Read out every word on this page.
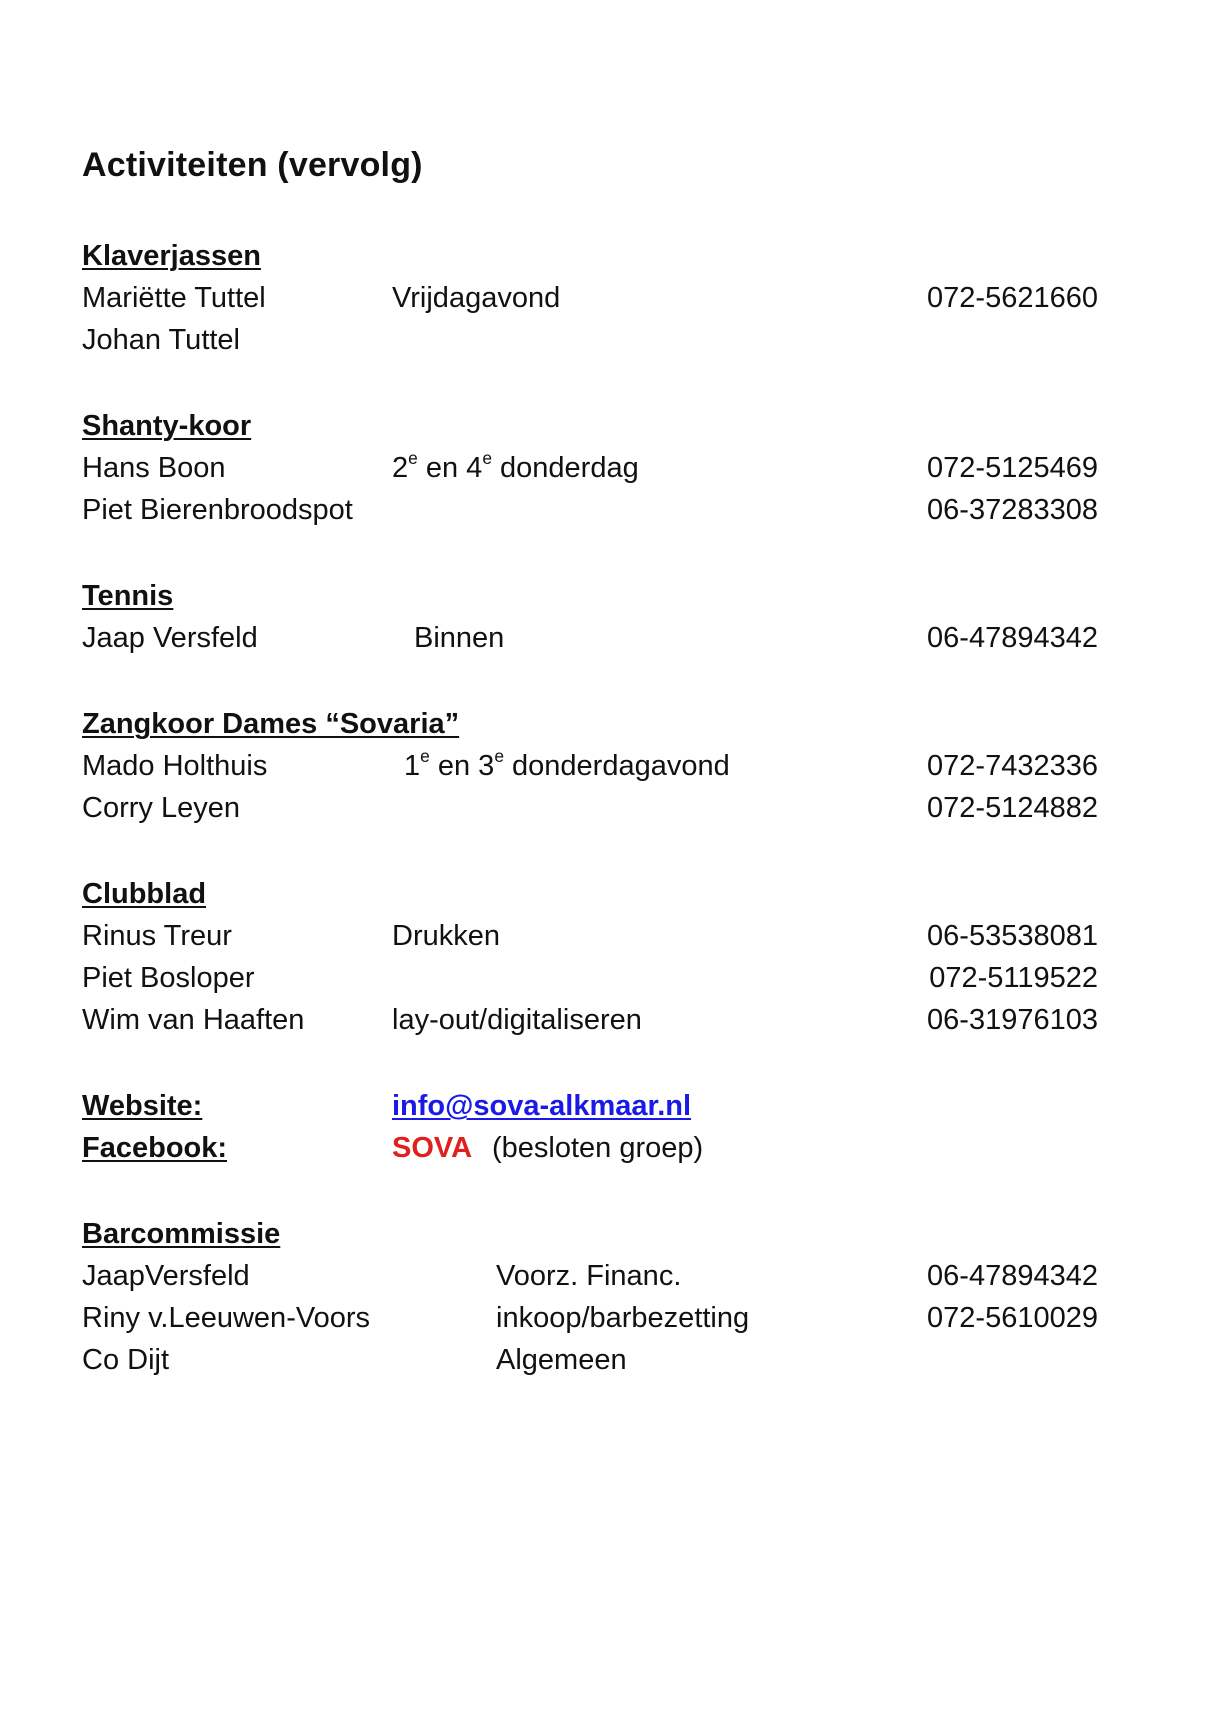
Activiteiten (vervolg)
Klaverjassen
Mariëtte Tuttel	Vrijdagavond	072-5621660
Johan Tuttel
Shanty-koor
Hans Boon	2e en 4e donderdag	072-5125469
Piet Bierenbroodspot	06-37283308
Tennis
Jaap Versfeld	Binnen	06-47894342
Zangkoor Dames “Sovaria”
Mado Holthuis	1e en 3e donderdagavond	072-7432336
Corry Leyen	072-5124882
Clubblad
Rinus Treur	Drukken	06-53538081
Piet Bosloper	072-5119522
Wim van Haaften	lay-out/digitaliseren	06-31976103
Website:	info@sova-alkmaar.nl
Facebook:	SOVA (besloten groep)
Barcommissie
JaapVersfeld	Voorz. Financ.	06-47894342
Riny v.Leeuwen-Voors	inkoop/barbezetting	072-5610029
Co Dijt	Algemeen
